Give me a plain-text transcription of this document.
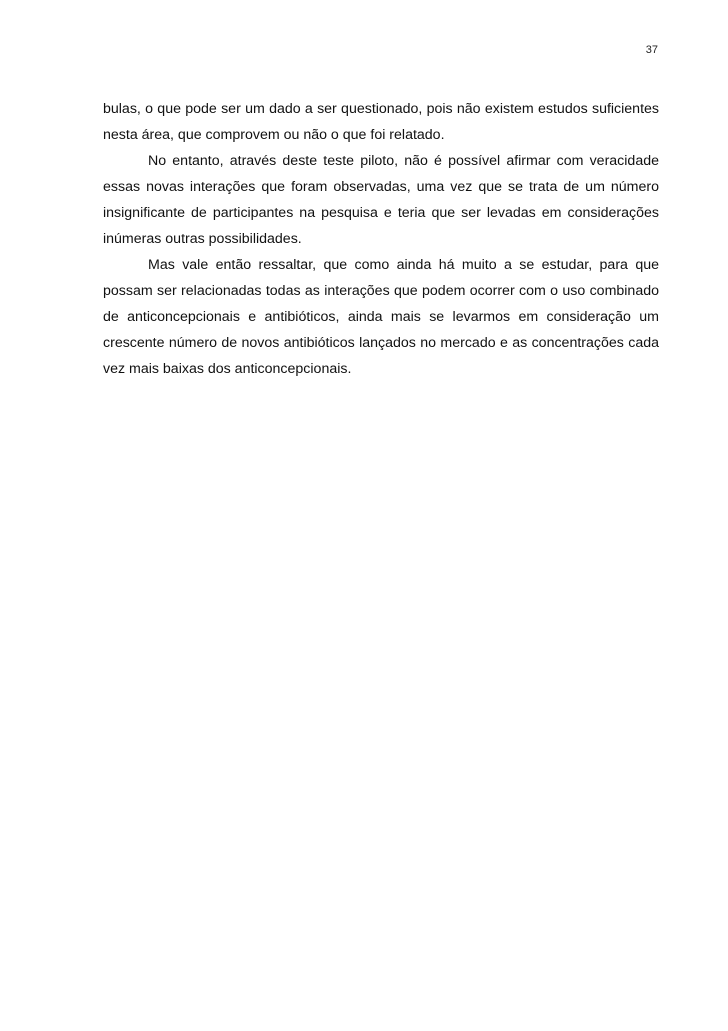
37

bulas, o que pode ser um dado a ser questionado, pois não existem estudos suficientes nesta área, que comprovem ou não o que foi relatado.

No entanto, através deste teste piloto, não é possível afirmar com veracidade essas novas interações que foram observadas, uma vez que se trata de um número insignificante de participantes na pesquisa e teria que ser levadas em considerações inúmeras outras possibilidades.

Mas vale então ressaltar, que como ainda há muito a se estudar, para que possam ser relacionadas todas as interações que podem ocorrer com o uso combinado de anticoncepcionais e antibióticos, ainda mais se levarmos em consideração um crescente número de novos antibióticos lançados no mercado e as concentrações cada vez mais baixas dos anticoncepcionais.
